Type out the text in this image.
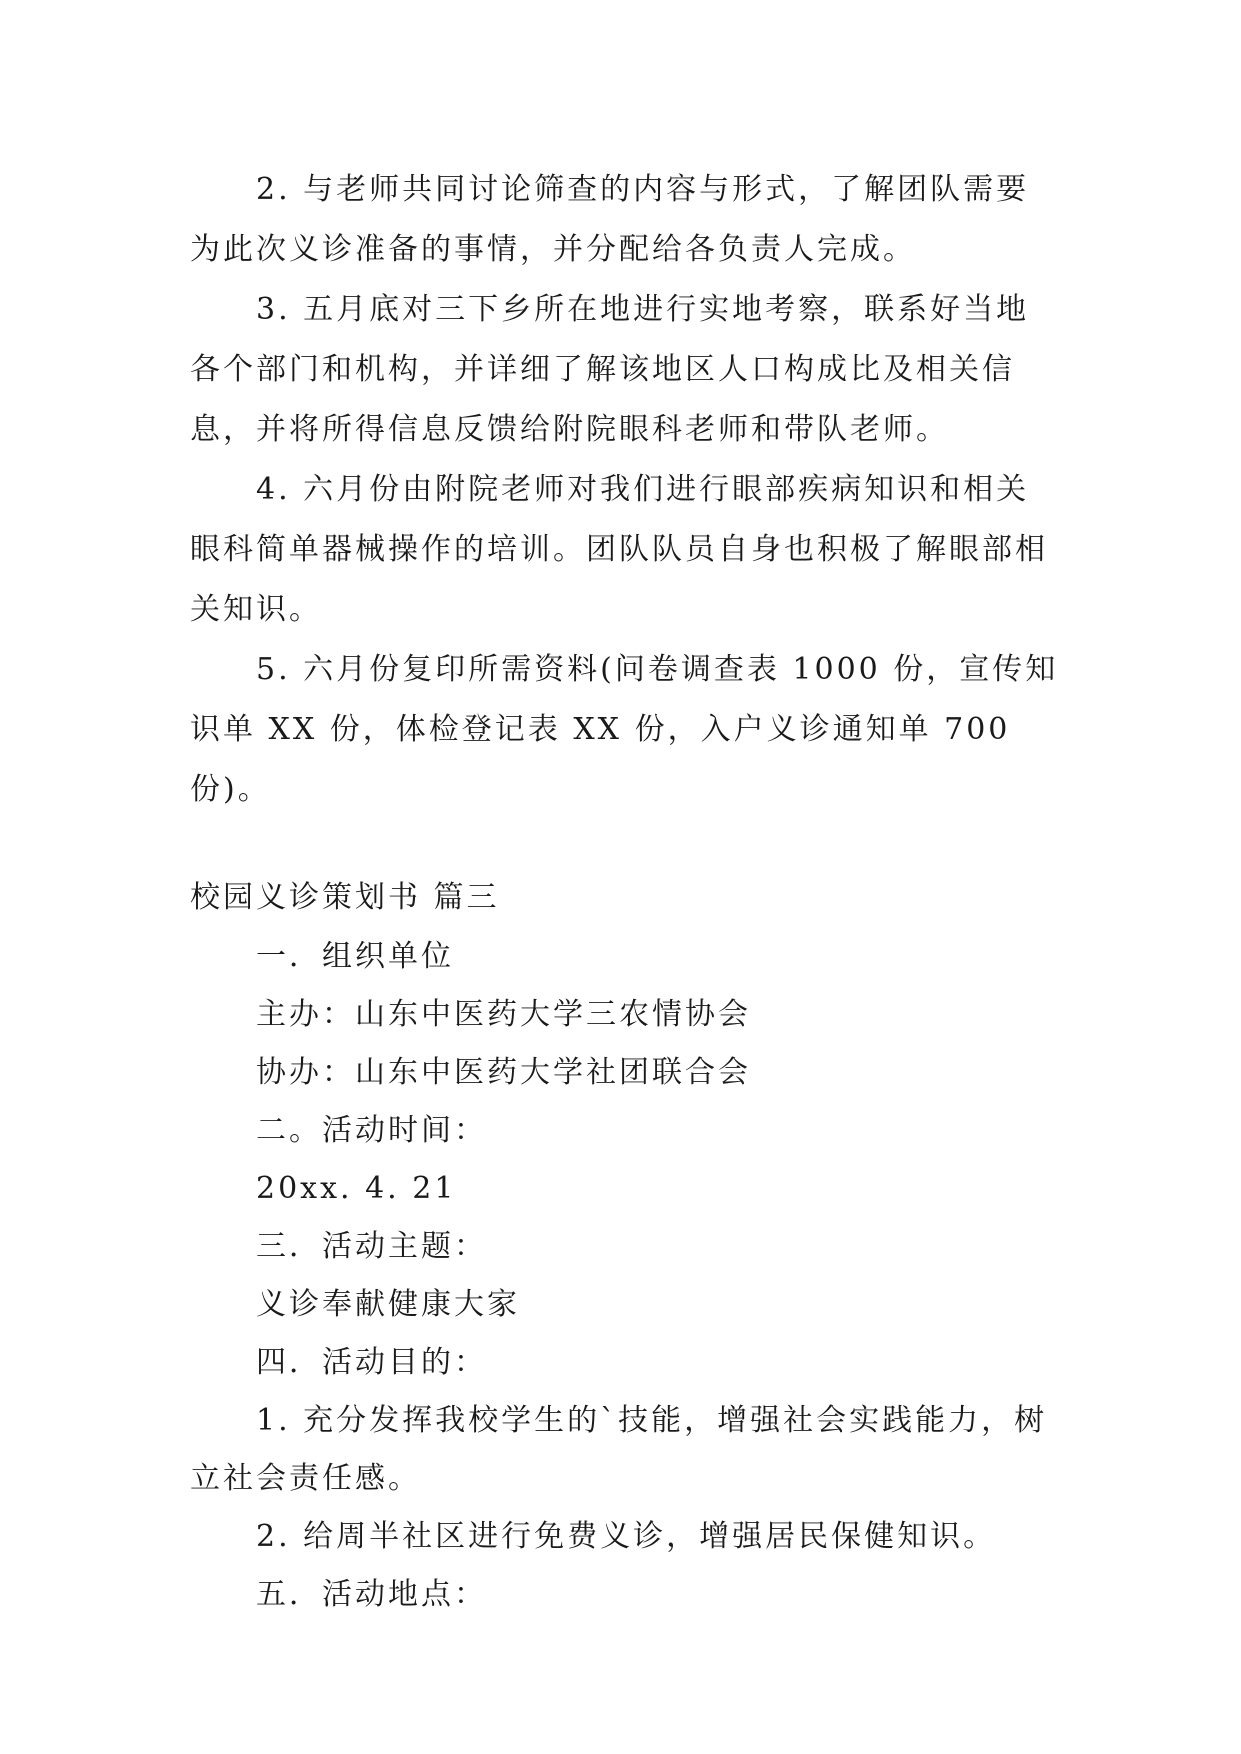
2. 与老师共同讨论筛查的内容与形式，了解团队需要为此次义诊准备的事情，并分配给各负责人完成。

3. 五月底对三下乡所在地进行实地考察，联系好当地各个部门和机构，并详细了解该地区人口构成比及相关信息，并将所得信息反馈给附院眼科老师和带队老师。

4. 六月份由附院老师对我们进行眼部疾病知识和相关眼科简单器械操作的培训。团队队员自身也积极了解眼部相关知识。

5. 六月份复印所需资料(问卷调查表 1000 份，宣传知识单 XX 份，体检登记表 XX 份，入户义诊通知单 700 份)。

校园义诊策划书 篇三

一．组织单位

主办：山东中医药大学三农情协会

协办：山东中医药大学社团联合会

二。活动时间：

20xx. 4. 21

三．活动主题：

义诊奉献健康大家

四．活动目的：

1. 充分发挥我校学生的`技能，增强社会实践能力，树立社会责任感。

2. 给周半社区进行免费义诊，增强居民保健知识。

五．活动地点：
